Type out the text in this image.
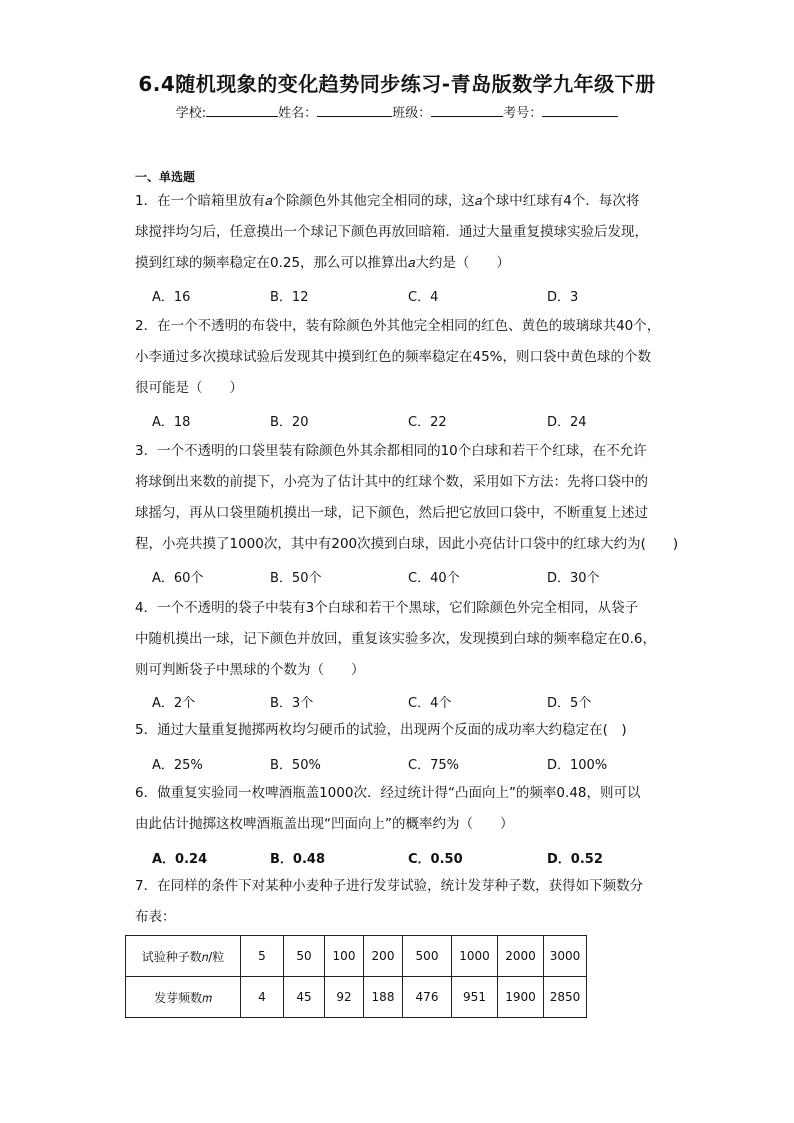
6.4随机现象的变化趋势同步练习-青岛版数学九年级下册
学校:	姓名：	班级：	考号：
一、单选题

1．在一个暗箱里放有𝑎个除颜色外其他完全相同的球，这𝑎个球中红球有4个．每次将

球搅拌均匀后，任意摸出一个球记下颜色再放回暗箱．通过大量重复摸球实验后发现，

摸到红球的频率稳定在0.25，那么可以推算出𝑎大约是（　　）

A．16	B．12	C．4	D．3

2．在一个不透明的布袋中，装有除颜色外其他完全相同的红色、黄色的玻璃球共40个，

小李通过多次摸球试验后发现其中摸到红色的频率稳定在45%，则口袋中黄色球的个数

很可能是（　　）

A．18	B．20	C．22	D．24

3．一个不透明的口袋里装有除颜色外其余都相同的10个白球和若干个红球，在不允许

将球倒出来数的前提下，小亮为了估计其中的红球个数，采用如下方法：先将口袋中的

球摇匀，再从口袋里随机摸出一球，记下颜色，然后把它放回口袋中，不断重复上述过

程，小亮共摸了1000次，其中有200次摸到白球，因此小亮估计口袋中的红球大约为(　　)

A．60个	B．50个	C．40个	D．30个

4．一个不透明的袋子中装有3个白球和若干个黑球，它们除颜色外完全相同，从袋子

中随机摸出一球，记下颜色并放回，重复该实验多次，发现摸到白球的频率稳定在0.6，

则可判断袋子中黑球的个数为（　　）

A．2个	B．3个	C．4个	D．5个

5．通过大量重复抛掷两枚均匀硬币的试验，出现两个反面的成功率大约稳定在(　)

A．25%	B．50%	C．75%	D．100%

6．做重复实验同一枚啤酒瓶盖1000次．经过统计得“凸面向上”的频率0.48，则可以

由此估计抛掷这枚啤酒瓶盖出现“凹面向上”的概率约为（　　）

A．0.24	B．0.48	C．0.50	D．0.52

7．在同样的条件下对某种小麦种子进行发芽试验，统计发芽种子数，获得如下频数分

布表：

试验种子数𝑛/粒	5	50	100	200	500	1000	2000	3000
发芽频数𝑚	4	45	92	188	476	951	1900	2850
